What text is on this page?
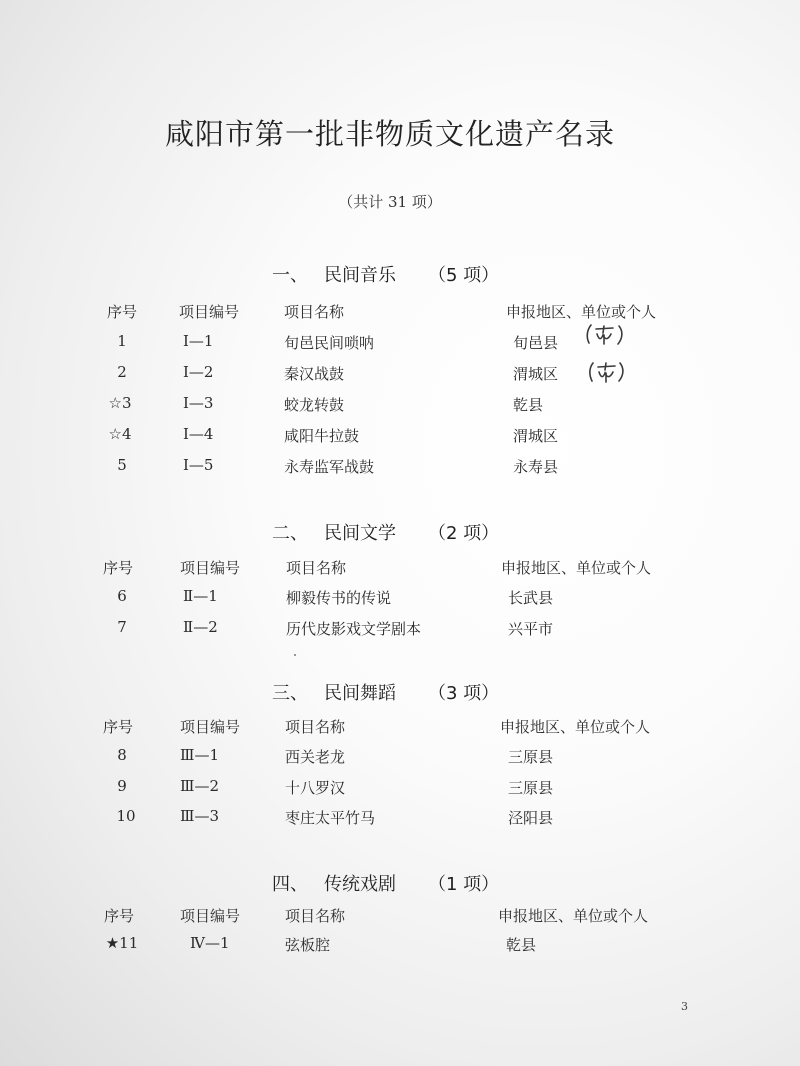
咸阳市第一批非物质文化遗产名录
（共计 31 项）
一、 民间音乐 （5 项）
序号	项目编号	项目名称	申报地区、单位或个人
1	Ⅰ—1	旬邑民间唢呐	旬邑县
2	Ⅰ—2	秦汉战鼓	渭城区
☆3	Ⅰ—3	蛟龙转鼓	乾县
☆4	Ⅰ—4	咸阳牛拉鼓	渭城区
5	Ⅰ—5	永寿监军战鼓	永寿县
二、 民间文学 （2 项）
序号	项目编号	项目名称	申报地区、单位或个人
6	Ⅱ—1	柳毅传书的传说	长武县
7	Ⅱ—2	历代皮影戏文学剧本	兴平市
三、 民间舞蹈 （3 项）
序号	项目编号	项目名称	申报地区、单位或个人
8	Ⅲ—1	西关老龙	三原县
9	Ⅲ—2	十八罗汉	三原县
10	Ⅲ—3	枣庄太平竹马	泾阳县
四、 传统戏剧 （1 项）
序号	项目编号	项目名称	申报地区、单位或个人
★11	Ⅳ—1	弦板腔	乾县
3
